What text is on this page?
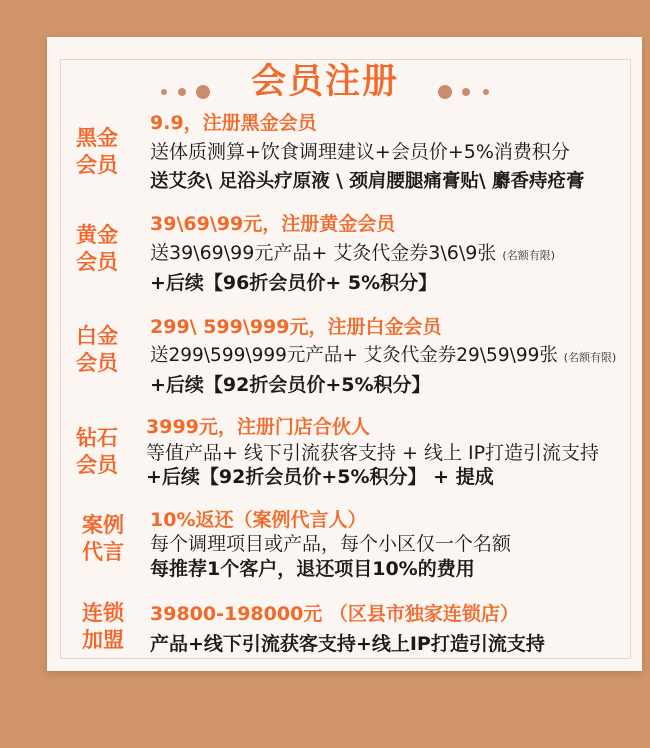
会员注册
黑金
会员
9.9，注册黑金会员
送体质测算+饮食调理建议+会员价+5%消费积分
送艾灸\ 足浴头疗原液 \ 颈肩腰腿痛膏贴\ 麝香痔疮膏
黄金
会员
39\69\99元，注册黄金会员
送39\69\99元产品+ 艾灸代金券3\6\9张 (名额有限)
+后续【96折会员价+ 5%积分】
白金
会员
299\ 599\999元，注册白金会员
送299\599\999元产品+ 艾灸代金券29\59\99张 (名额有限)
+后续【92折会员价+5%积分】
钻石
会员
3999元，注册门店合伙人
等值产品+ 线下引流获客支持 + 线上 IP打造引流支持
+后续【92折会员价+5%积分】 + 提成
案例
代言
10%返还（案例代言人）
每个调理项目或产品，每个小区仅一个名额
每推荐1个客户，退还项目10%的费用
连锁
加盟
39800-198000元 （区县市独家连锁店）
产品+线下引流获客支持+线上IP打造引流支持
